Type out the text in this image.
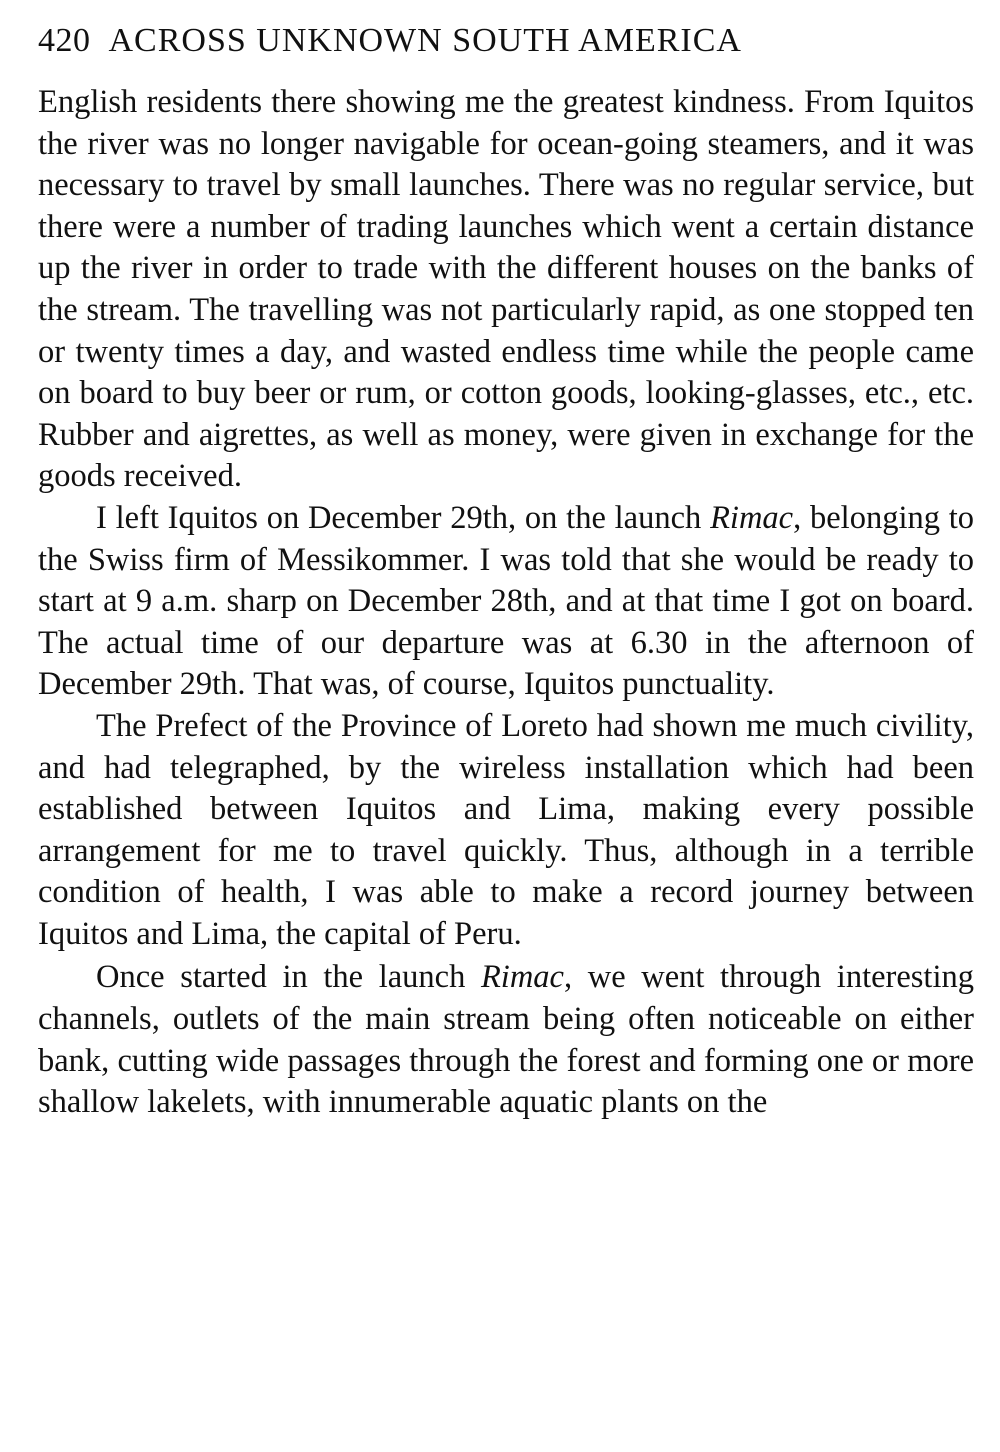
420 ACROSS UNKNOWN SOUTH AMERICA

English residents there showing me the greatest kindness. From Iquitos the river was no longer navigable for ocean-going steamers, and it was necessary to travel by small launches. There was no regular service, but there were a number of trading launches which went a certain distance up the river in order to trade with the different houses on the banks of the stream. The travelling was not particularly rapid, as one stopped ten or twenty times a day, and wasted endless time while the people came on board to buy beer or rum, or cotton goods, looking-glasses, etc., etc. Rubber and aigrettes, as well as money, were given in exchange for the goods received.

I left Iquitos on December 29th, on the launch Rimac, belonging to the Swiss firm of Messikommer. I was told that she would be ready to start at 9 a.m. sharp on December 28th, and at that time I got on board. The actual time of our departure was at 6.30 in the afternoon of December 29th. That was, of course, Iquitos punctuality.

The Prefect of the Province of Loreto had shown me much civility, and had telegraphed, by the wireless installation which had been established between Iquitos and Lima, making every possible arrangement for me to travel quickly. Thus, although in a terrible condition of health, I was able to make a record journey between Iquitos and Lima, the capital of Peru.

Once started in the launch Rimac, we went through interesting channels, outlets of the main stream being often noticeable on either bank, cutting wide passages through the forest and forming one or more shallow lakelets, with innumerable aquatic plants on the
